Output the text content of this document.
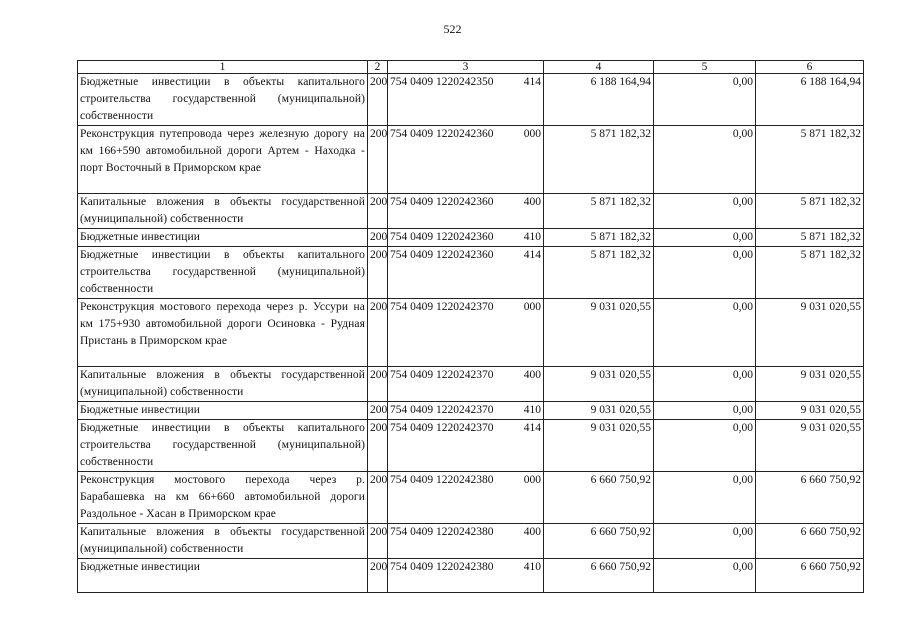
522
1	2	3	4	5	6
Бюджетные инвестиции в объекты капитального строительства государственной (муниципальной) собственности	200	754 0409 1220242350 414	6 188 164,94	0,00	6 188 164,94
Реконструкция путепровода через железную дорогу на км 166+590 автомобильной дороги Артем - Находка - порт Восточный в Приморском крае	200	754 0409 1220242360 000	5 871 182,32	0,00	5 871 182,32
Капитальные вложения в объекты государственной (муниципальной) собственности	200	754 0409 1220242360 400	5 871 182,32	0,00	5 871 182,32
Бюджетные инвестиции	200	754 0409 1220242360 410	5 871 182,32	0,00	5 871 182,32
Бюджетные инвестиции в объекты капитального строительства государственной (муниципальной) собственности	200	754 0409 1220242360 414	5 871 182,32	0,00	5 871 182,32
Реконструкция мостового перехода через р. Уссури на км 175+930 автомобильной дороги Осиновка - Рудная Пристань в Приморском крае	200	754 0409 1220242370 000	9 031 020,55	0,00	9 031 020,55
Капитальные вложения в объекты государственной (муниципальной) собственности	200	754 0409 1220242370 400	9 031 020,55	0,00	9 031 020,55
Бюджетные инвестиции	200	754 0409 1220242370 410	9 031 020,55	0,00	9 031 020,55
Бюджетные инвестиции в объекты капитального строительства государственной (муниципальной) собственности	200	754 0409 1220242370 414	9 031 020,55	0,00	9 031 020,55
Реконструкция мостового перехода через р. Барабашевка на км 66+660 автомобильной дороги Раздольное - Хасан в Приморском крае	200	754 0409 1220242380 000	6 660 750,92	0,00	6 660 750,92
Капитальные вложения в объекты государственной (муниципальной) собственности	200	754 0409 1220242380 400	6 660 750,92	0,00	6 660 750,92
Бюджетные инвестиции	200	754 0409 1220242380 410	6 660 750,92	0,00	6 660 750,92
